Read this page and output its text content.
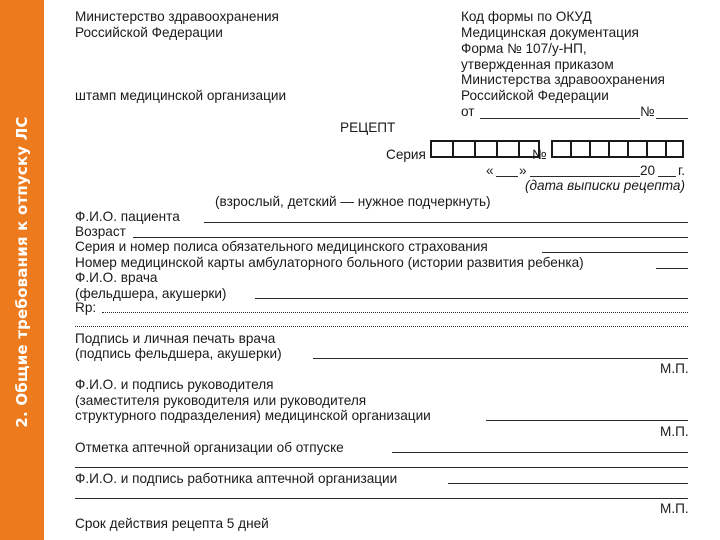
2. Общие требования к отпуску ЛС
Министерство здравоохранения
Российской Федерации
штамп медицинской организации
Код формы по ОКУД
Медицинская документация
Форма № 107/у-НП,
утвержденная приказом
Министерства здравоохранения
Российской Федерации
от	№
РЕЦЕПТ
Серия	№
« »	20 г.
(дата выписки рецепта)
(взрослый, детский — нужное подчеркнуть)
Ф.И.О. пациента
Возраст
Серия и номер полиса обязательного медицинского страхования
Номер медицинской карты амбулаторного больного (истории развития ребенка)
Ф.И.О. врача
(фельдшера, акушерки)
Rp:
Подпись и личная печать врача
(подпись фельдшера, акушерки)
М.П.
Ф.И.О. и подпись руководителя
(заместителя руководителя или руководителя
структурного подразделения) медицинской организации
М.П.
Отметка аптечной организации об отпуске
Ф.И.О. и подпись работника аптечной организации
М.П.
Срок действия рецепта 5 дней
